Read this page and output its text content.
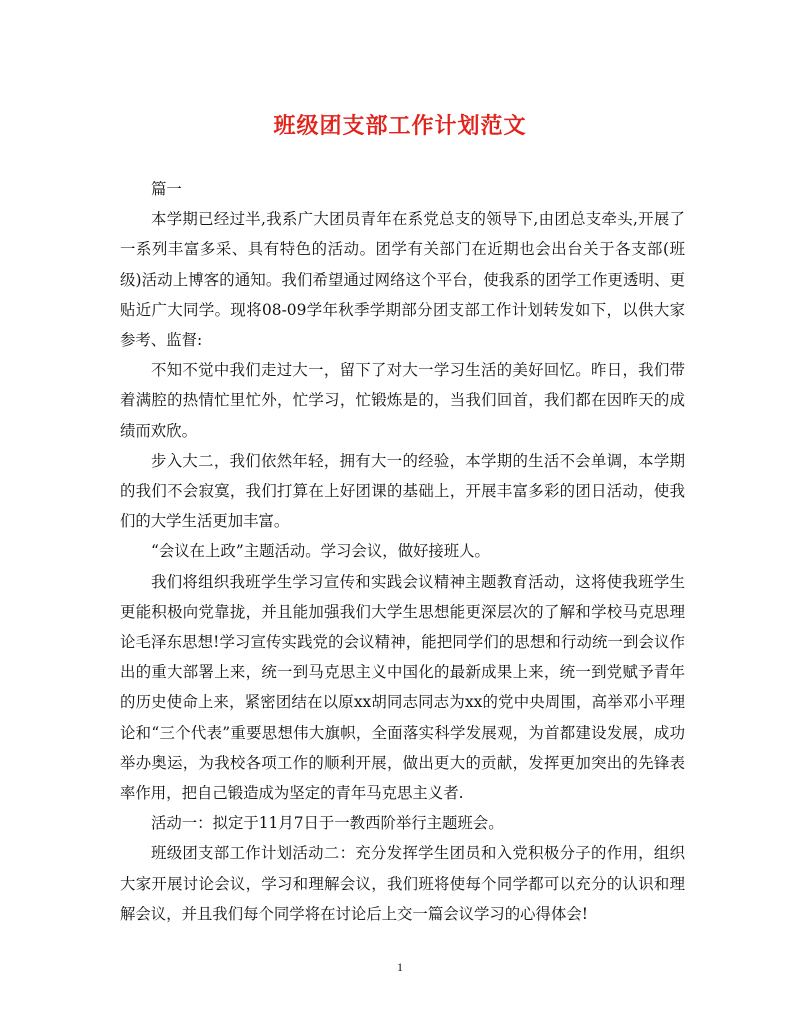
班级团支部工作计划范文

篇一

本学期已经过半,我系广大团员青年在系党总支的领导下,由团总支牵头,开展了一系列丰富多采、具有特色的活动。团学有关部门在近期也会出台关于各支部(班级)活动上博客的通知。我们希望通过网络这个平台，使我系的团学工作更透明、更贴近广大同学。现将08-09学年秋季学期部分团支部工作计划转发如下，以供大家参考、监督:

不知不觉中我们走过大一，留下了对大一学习生活的美好回忆。昨日，我们带着满腔的热情忙里忙外，忙学习，忙锻炼是的，当我们回首，我们都在因昨天的成绩而欢欣。

步入大二，我们依然年轻，拥有大一的经验，本学期的生活不会单调，本学期的我们不会寂寞，我们打算在上好团课的基础上，开展丰富多彩的团日活动，使我们的大学生活更加丰富。

“会议在上政”主题活动。学习会议，做好接班人。

我们将组织我班学生学习宣传和实践会议精神主题教育活动，这将使我班学生更能积极向党靠拢，并且能加强我们大学生思想能更深层次的了解和学校马克思理论毛泽东思想!学习宣传实践党的会议精神，能把同学们的思想和行动统一到会议作出的重大部署上来，统一到马克思主义中国化的最新成果上来，统一到党赋予青年的历史使命上来，紧密团结在以原xx胡同志同志为xx的党中央周围，高举邓小平理论和“三个代表”重要思想伟大旗帜，全面落实科学发展观，为首都建设发展，成功举办奥运，为我校各项工作的顺利开展，做出更大的贡献，发挥更加突出的先锋表率作用，把自己锻造成为坚定的青年马克思主义者.

活动一：拟定于11月7日于一教西阶举行主题班会。

班级团支部工作计划活动二：充分发挥学生团员和入党积极分子的作用，组织大家开展讨论会议，学习和理解会议，我们班将使每个同学都可以充分的认识和理解会议，并且我们每个同学将在讨论后上交一篇会议学习的心得体会!

1
